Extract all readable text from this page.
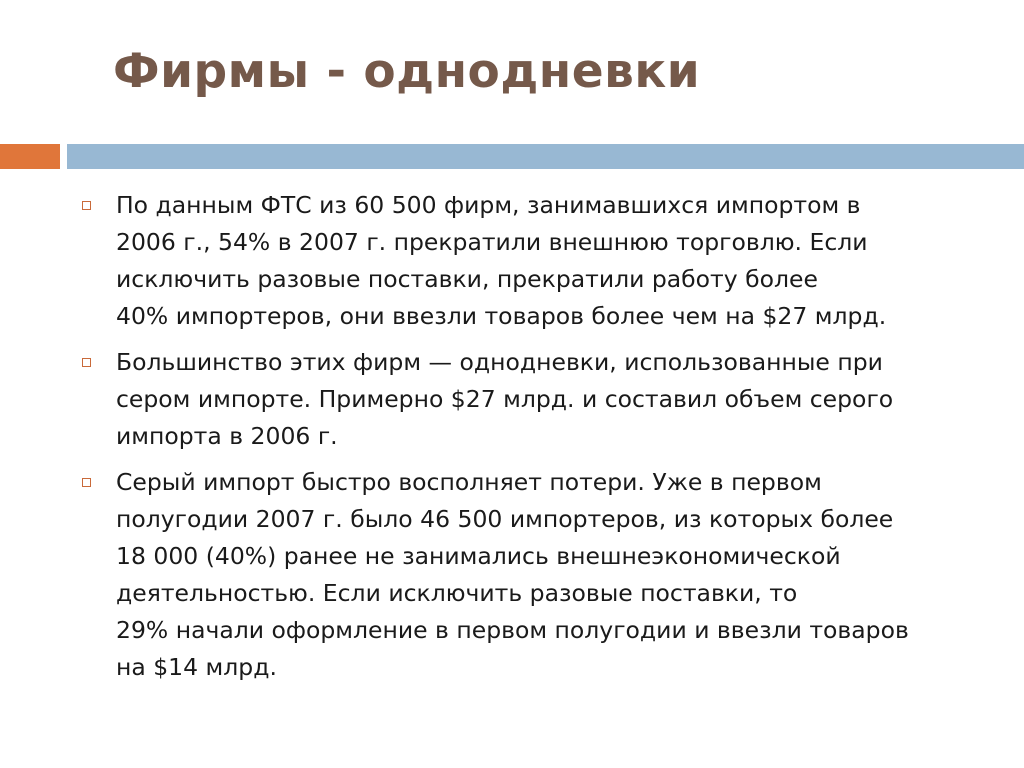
Фирмы - однодневки
По данным ФТС из 60 500 фирм, занимавшихся импортом в
2006 г., 54% в 2007 г. прекратили внешнюю торговлю. Если
исключить разовые поставки, прекратили работу более
40% импортеров, они ввезли товаров более чем на $27 млрд.
Большинство этих фирм — однодневки, использованные при
сером импорте. Примерно $27 млрд. и составил объем серого
импорта в 2006 г.
Серый импорт быстро восполняет потери. Уже в первом
полугодии 2007 г. было 46 500 импортеров, из которых более
18 000 (40%) ранее не занимались внешнеэкономической
деятельностью. Если исключить разовые поставки, то
29% начали оформление в первом полугодии и ввезли товаров
на $14 млрд.
